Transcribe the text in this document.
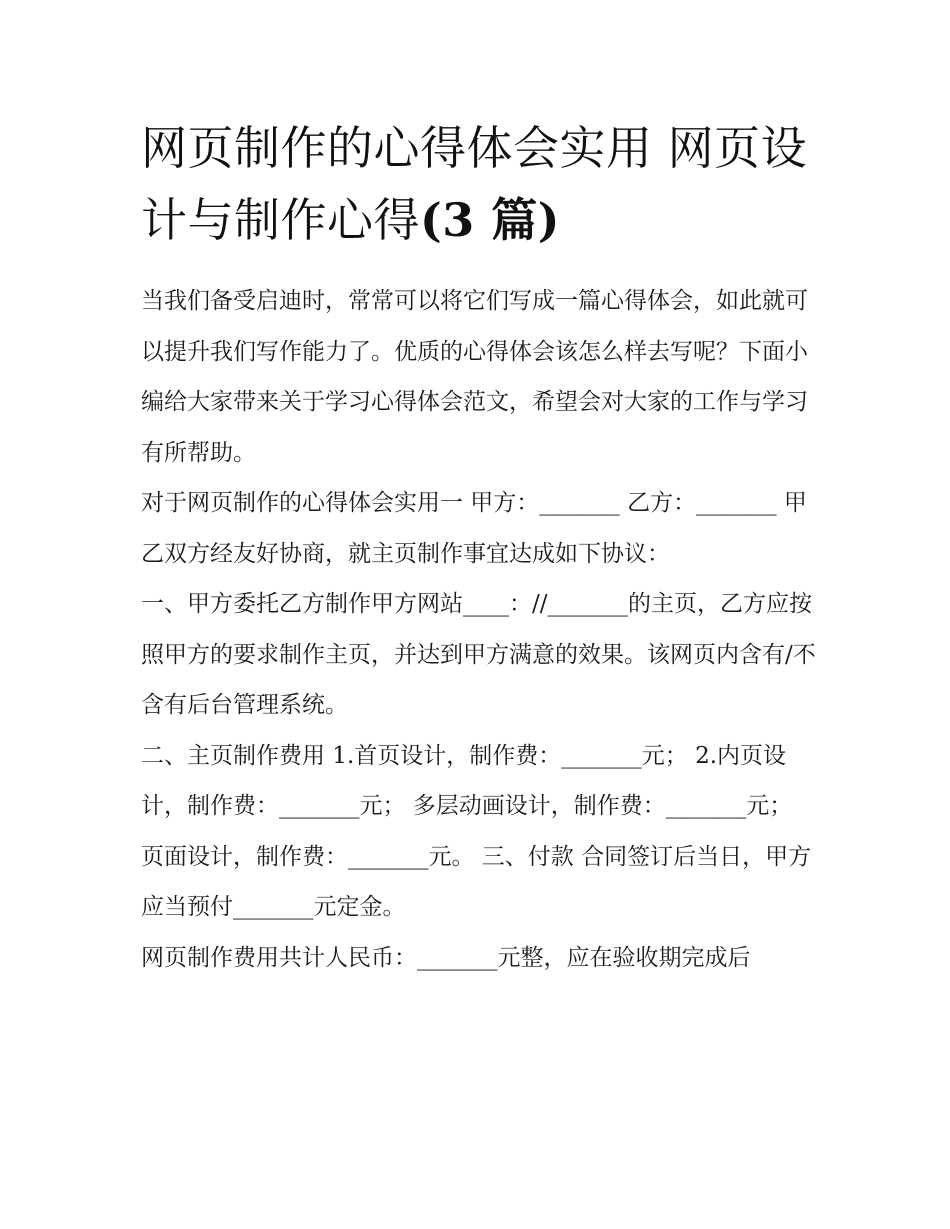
网页制作的心得体会实用 网页设计与制作心得(3 篇)

当我们备受启迪时，常常可以将它们写成一篇心得体会，如此就可以提升我们写作能力了。优质的心得体会该怎么样去写呢？下面小编给大家带来关于学习心得体会范文，希望会对大家的工作与学习有所帮助。

对于网页制作的心得体会实用一 甲方：_______ 乙方：_______ 甲乙双方经友好协商，就主页制作事宜达成如下协议：

一、甲方委托乙方制作甲方网站____：//_______的主页，乙方应按照甲方的要求制作主页，并达到甲方满意的效果。该网页内含有/不含有后台管理系统。

二、主页制作费用 1.首页设计，制作费：_______元； 2.内页设计，制作费：_______元； 多层动画设计，制作费：_______元；

页面设计，制作费：_______元。 三、付款 合同签订后当日，甲方应当预付_______元定金。

网页制作费用共计人民币：_______元整，应在验收期完成后
